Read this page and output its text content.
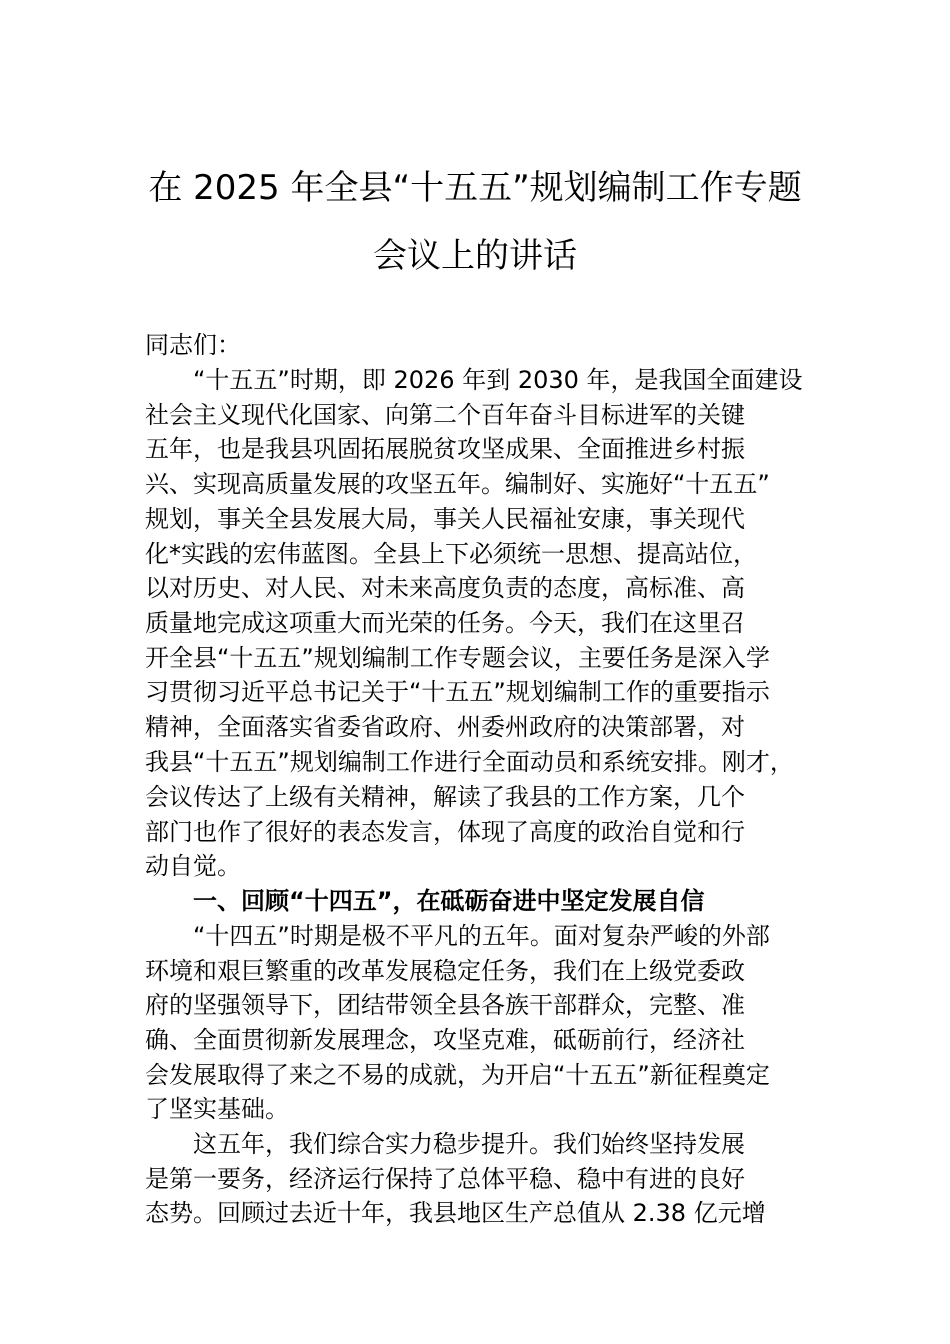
在 2025 年全县“十五五”规划编制工作专题
会议上的讲话
同志们：
“十五五”时期，即 2026 年到 2030 年，是我国全面建设
社会主义现代化国家、向第二个百年奋斗目标进军的关键
五年，也是我县巩固拓展脱贫攻坚成果、全面推进乡村振
兴、实现高质量发展的攻坚五年。编制好、实施好“十五五”
规划，事关全县发展大局，事关人民福祉安康，事关现代
化*实践的宏伟蓝图。全县上下必须统一思想、提高站位，
以对历史、对人民、对未来高度负责的态度，高标准、高
质量地完成这项重大而光荣的任务。今天，我们在这里召
开全县“十五五”规划编制工作专题会议，主要任务是深入学
习贯彻习近平总书记关于“十五五”规划编制工作的重要指示
精神，全面落实省委省政府、州委州政府的决策部署，对
我县“十五五”规划编制工作进行全面动员和系统安排。刚才，
会议传达了上级有关精神，解读了我县的工作方案，几个
部门也作了很好的表态发言，体现了高度的政治自觉和行
动自觉。
一、回顾“十四五”，在砥砺奋进中坚定发展自信
“十四五”时期是极不平凡的五年。面对复杂严峻的外部
环境和艰巨繁重的改革发展稳定任务，我们在上级党委政
府的坚强领导下，团结带领全县各族干部群众，完整、准
确、全面贯彻新发展理念，攻坚克难，砥砺前行，经济社
会发展取得了来之不易的成就，为开启“十五五”新征程奠定
了坚实基础。
这五年，我们综合实力稳步提升。我们始终坚持发展
是第一要务，经济运行保持了总体平稳、稳中有进的良好
态势。回顾过去近十年，我县地区生产总值从 2.38 亿元增
